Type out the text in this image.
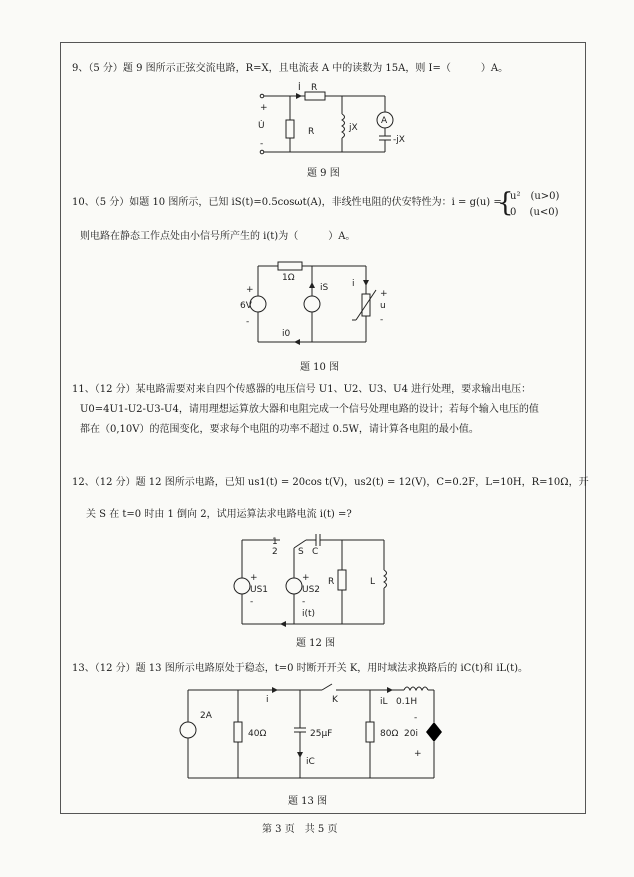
9、（5 分）题 9 图所示正弦交流电路，R=X，且电流表 A 中的读数为 15A，则 I=（　　　）A。
İ R
+
U̇
-
R	jX
A
-jX
题 9 图
10、（5 分）如题 10 图所示，已知 iS(t)=0.5cosωt(A)，非线性电阻的伏安特性为：i = g(u) =
{
u²　(u>0)
0　 (u<0)
则电路在静态工作点处由小信号所产生的 i(t)为（　　　）A。
1Ω
+
6V
-
iS	i
+
u
-
i0
题 10 图
11、（12 分）某电路需要对来自四个传感器的电压信号 U1、U2、U3、U4 进行处理，要求输出电压：
U0=4U1-U2-U3-U4，请用理想运算放大器和电阻完成一个信号处理电路的设计；若每个输入电压的值
都在（0,10V）的范围变化，要求每个电阻的功率不超过 0.5W，请计算各电阻的最小值。
12、（12 分）题 12 图所示电路，已知 us1(t) = 20cos t(V)，us2(t) = 12(V)，C=0.2F，L=10H，R=10Ω，开
关 S 在 t=0 时由 1 倒向 2，试用运算法求电路电流 i(t) =?
1
2 S C
+
US1
-
+
US2
-
R	L
i(t)
题 12 图
13、（12 分）题 13 图所示电路原处于稳态，t=0 时断开开关 K，用时域法求换路后的 iC(t)和 iL(t)。
2A
40Ω	25μF	80Ω 20i
-
+
i
iC
iL 0.1H
K
题 13 图
第 3 页　共 5 页
